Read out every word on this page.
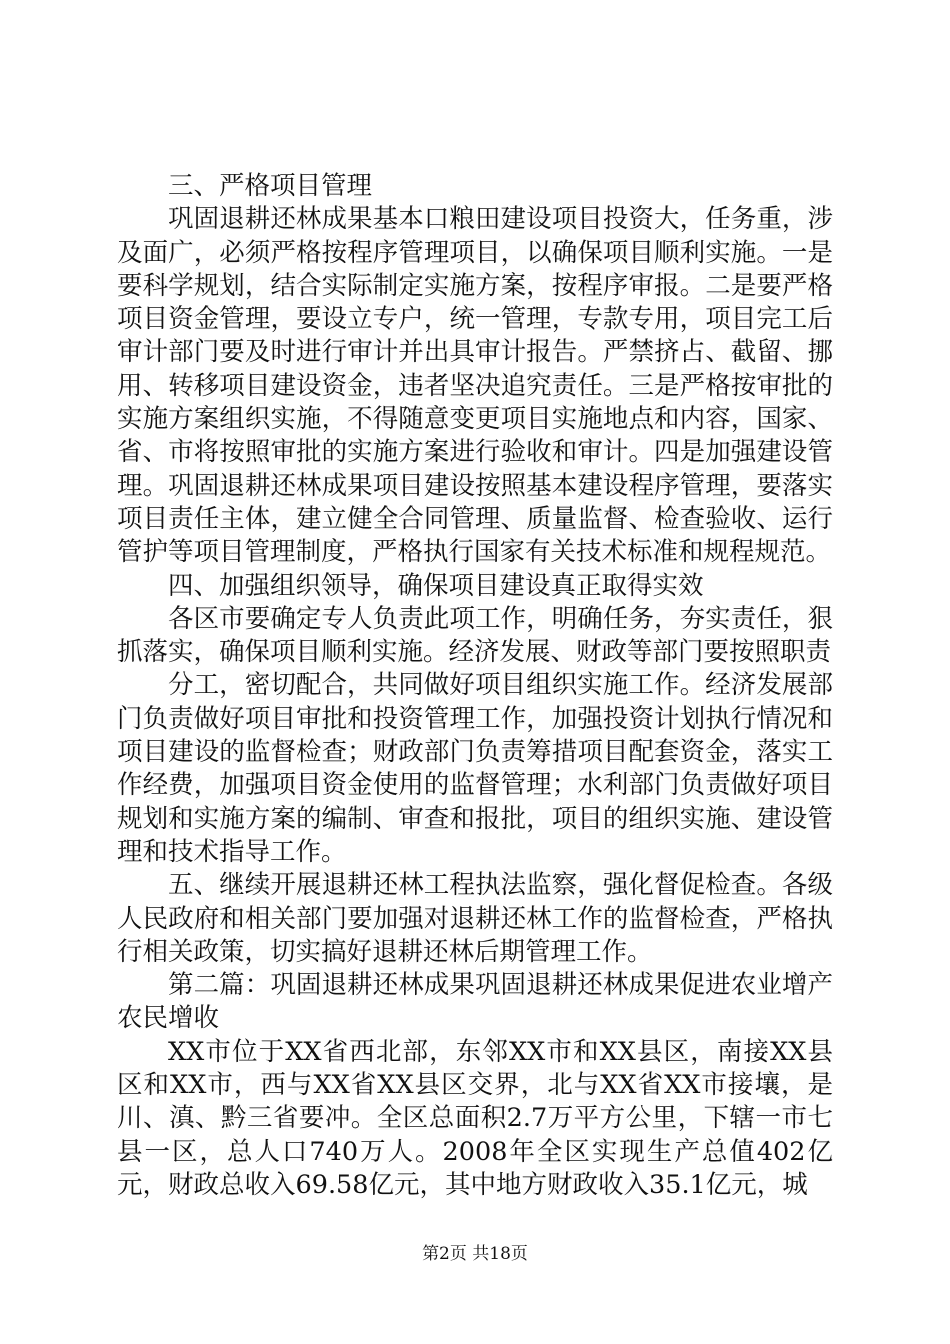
三、严格项目管理

巩固退耕还林成果基本口粮田建设项目投资大，任务重，涉及面广，必须严格按程序管理项目，以确保项目顺利实施。一是要科学规划，结合实际制定实施方案，按程序审报。二是要严格项目资金管理，要设立专户，统一管理，专款专用，项目完工后审计部门要及时进行审计并出具审计报告。严禁挤占、截留、挪用、转移项目建设资金，违者坚决追究责任。三是严格按审批的实施方案组织实施，不得随意变更项目实施地点和内容，国家、省、市将按照审批的实施方案进行验收和审计。四是加强建设管理。巩固退耕还林成果项目建设按照基本建设程序管理，要落实项目责任主体，建立健全合同管理、质量监督、检查验收、运行管护等项目管理制度，严格执行国家有关技术标准和规程规范。

四、加强组织领导，确保项目建设真正取得实效

各区市要确定专人负责此项工作，明确任务，夯实责任，狠抓落实，确保项目顺利实施。经济发展、财政等部门要按照职责

分工，密切配合，共同做好项目组织实施工作。经济发展部门负责做好项目审批和投资管理工作，加强投资计划执行情况和项目建设的监督检查；财政部门负责筹措项目配套资金，落实工作经费，加强项目资金使用的监督管理；水利部门负责做好项目规划和实施方案的编制、审查和报批，项目的组织实施、建设管理和技术指导工作。

五、继续开展退耕还林工程执法监察，强化督促检查。各级人民政府和相关部门要加强对退耕还林工作的监督检查，严格执行相关政策，切实搞好退耕还林后期管理工作。

第二篇：巩固退耕还林成果巩固退耕还林成果促进农业增产农民增收

XX市位于XX省西北部，东邻XX市和XX县区，南接XX县区和XX市，西与XX省XX县区交界，北与XX省XX市接壤，是川、滇、黔三省要冲。全区总面积2.7万平方公里，下辖一市七县一区，总人口740万人。2008年全区实现生产总值402亿元，财政总收入69.58亿元，其中地方财政收入35.1亿元，城

第2页 共18页
